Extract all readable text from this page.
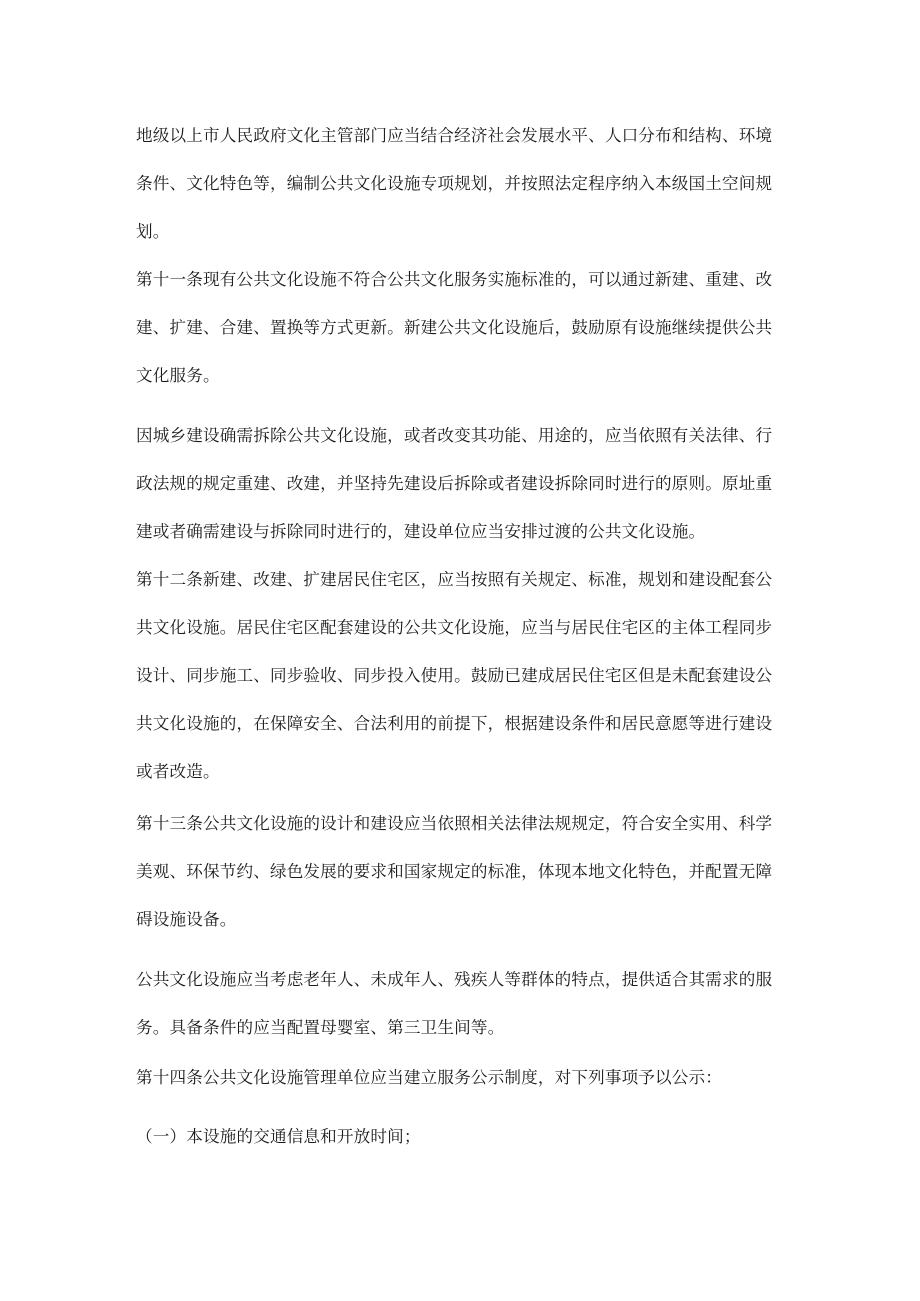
地级以上市人民政府文化主管部门应当结合经济社会发展水平、人口分布和结构、环境
条件、文化特色等，编制公共文化设施专项规划，并按照法定程序纳入本级国土空间规
划。
第十一条现有公共文化设施不符合公共文化服务实施标准的，可以通过新建、重建、改
建、扩建、合建、置换等方式更新。新建公共文化设施后，鼓励原有设施继续提供公共
文化服务。
因城乡建设确需拆除公共文化设施，或者改变其功能、用途的，应当依照有关法律、行
政法规的规定重建、改建，并坚持先建设后拆除或者建设拆除同时进行的原则。原址重
建或者确需建设与拆除同时进行的，建设单位应当安排过渡的公共文化设施。
第十二条新建、改建、扩建居民住宅区，应当按照有关规定、标准，规划和建设配套公
共文化设施。居民住宅区配套建设的公共文化设施，应当与居民住宅区的主体工程同步
设计、同步施工、同步验收、同步投入使用。鼓励已建成居民住宅区但是未配套建设公
共文化设施的，在保障安全、合法利用的前提下，根据建设条件和居民意愿等进行建设
或者改造。
第十三条公共文化设施的设计和建设应当依照相关法律法规规定，符合安全实用、科学
美观、环保节约、绿色发展的要求和国家规定的标准，体现本地文化特色，并配置无障
碍设施设备。
公共文化设施应当考虑老年人、未成年人、残疾人等群体的特点，提供适合其需求的服
务。具备条件的应当配置母婴室、第三卫生间等。
第十四条公共文化设施管理单位应当建立服务公示制度，对下列事项予以公示：
（一）本设施的交通信息和开放时间；
